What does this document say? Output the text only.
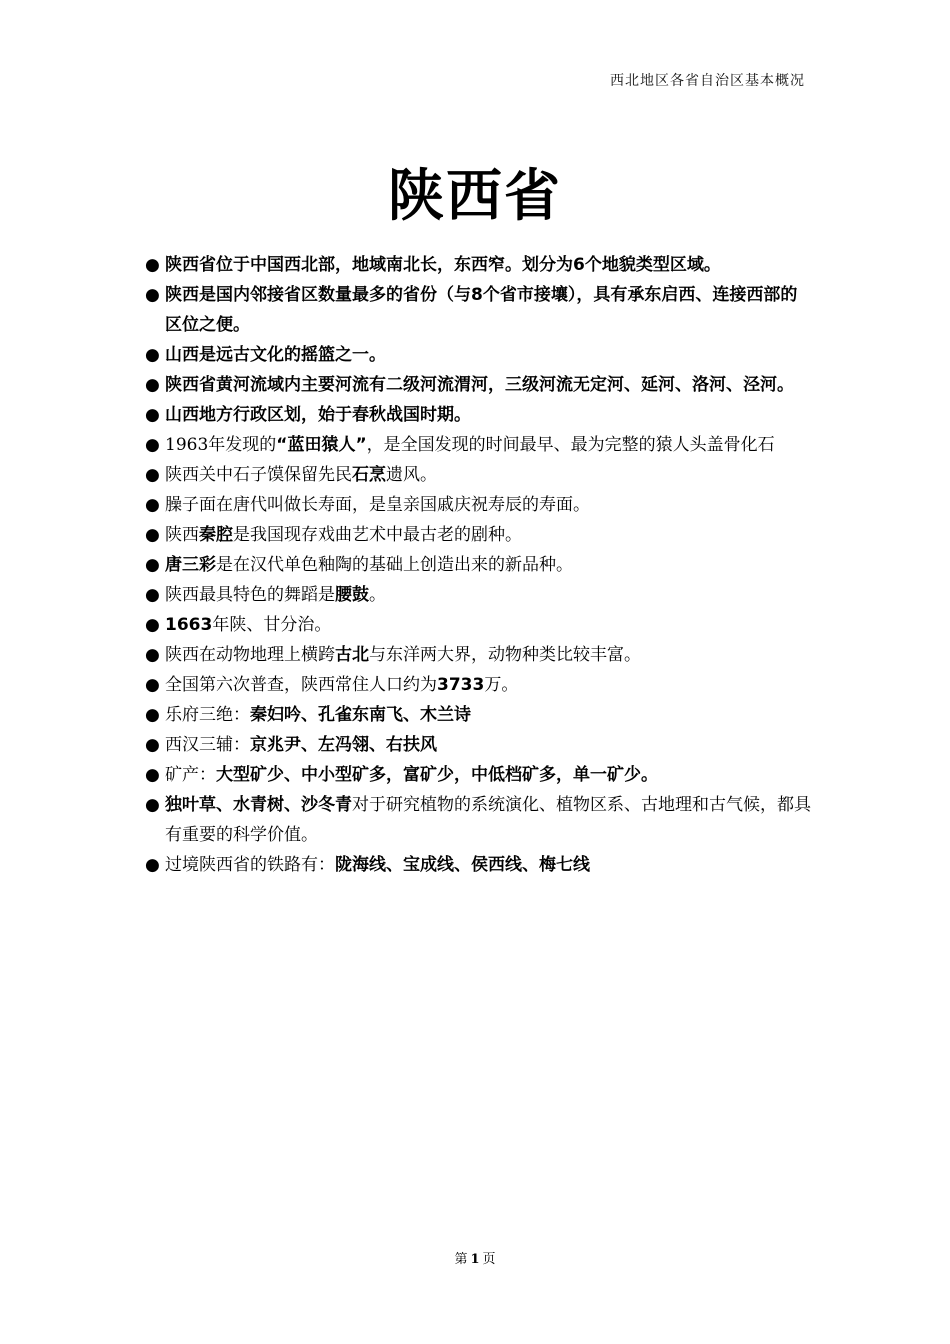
西北地区各省自治区基本概况
陕西省
● 陕西省位于中国西北部，地域南北长，东西窄。划分为6个地貌类型区域。
● 陕西是国内邻接省区数量最多的省份（与8个省市接壤），具有承东启西、连接西部的区位之便。
● 山西是远古文化的摇篮之一。
● 陕西省黄河流域内主要河流有二级河流渭河，三级河流无定河、延河、洛河、泾河。
● 山西地方行政区划，始于春秋战国时期。
● 1963年发现的“蓝田猿人”，是全国发现的时间最早、最为完整的猿人头盖骨化石
● 陕西关中石子馍保留先民石烹遗风。
● 臊子面在唐代叫做长寿面，是皇亲国戚庆祝寿辰的寿面。
● 陕西秦腔是我国现存戏曲艺术中最古老的剧种。
● 唐三彩是在汉代单色釉陶的基础上创造出来的新品种。
● 陕西最具特色的舞蹈是腰鼓。
● 1663年陕、甘分治。
● 陕西在动物地理上横跨古北与东洋两大界，动物种类比较丰富。
● 全国第六次普查，陕西常住人口约为3733万。
● 乐府三绝：秦妇吟、孔雀东南飞、木兰诗
● 西汉三辅：京兆尹、左冯翎、右扶风
● 矿产：大型矿少、中小型矿多，富矿少，中低档矿多，单一矿少。
● 独叶草、水青树、沙冬青对于研究植物的系统演化、植物区系、古地理和古气候，都具有重要的科学价值。
● 过境陕西省的铁路有：陇海线、宝成线、侯西线、梅七线
第 1 页
